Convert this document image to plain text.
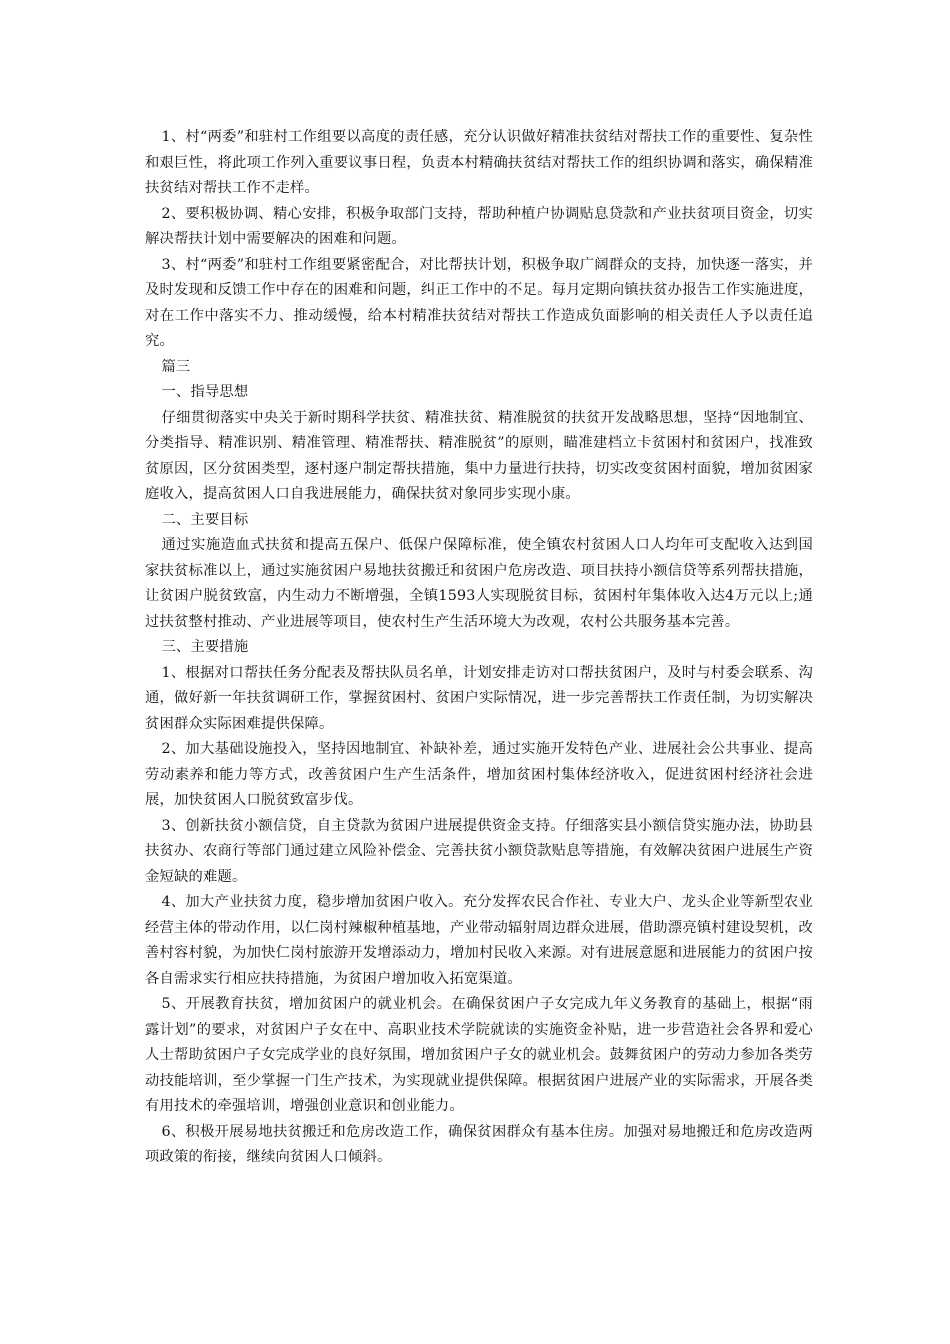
1、村“两委”和驻村工作组要以高度的责任感，充分认识做好精准扶贫结对帮扶工作的重要性、复杂性和艰巨性，将此项工作列入重要议事日程，负责本村精确扶贫结对帮扶工作的组织协调和落实，确保精准扶贫结对帮扶工作不走样。

2、要积极协调、精心安排，积极争取部门支持，帮助种植户协调贴息贷款和产业扶贫项目资金，切实解决帮扶计划中需要解决的困难和问题。

3、村“两委”和驻村工作组要紧密配合，对比帮扶计划，积极争取广阔群众的支持，加快逐一落实，并及时发现和反馈工作中存在的困难和问题，纠正工作中的不足。每月定期向镇扶贫办报告工作实施进度，对在工作中落实不力、推动缓慢，给本村精准扶贫结对帮扶工作造成负面影响的相关责任人予以责任追究。

篇三

一、指导思想

仔细贯彻落实中央关于新时期科学扶贫、精准扶贫、精准脱贫的扶贫开发战略思想，坚持“因地制宜、分类指导、精准识别、精准管理、精准帮扶、精准脱贫”的原则，瞄准建档立卡贫困村和贫困户，找准致贫原因，区分贫困类型，逐村逐户制定帮扶措施，集中力量进行扶持，切实改变贫困村面貌，增加贫困家庭收入，提高贫困人口自我进展能力，确保扶贫对象同步实现小康。

二、主要目标

通过实施造血式扶贫和提高五保户、低保户保障标准，使全镇农村贫困人口人均年可支配收入达到国家扶贫标准以上，通过实施贫困户易地扶贫搬迁和贫困户危房改造、项目扶持小额信贷等系列帮扶措施，让贫困户脱贫致富，内生动力不断增强，全镇1593人实现脱贫目标，贫困村年集体收入达4万元以上;通过扶贫整村推动、产业进展等项目，使农村生产生活环境大为改观，农村公共服务基本完善。

三、主要措施

1、根据对口帮扶任务分配表及帮扶队员名单，计划安排走访对口帮扶贫困户，及时与村委会联系、沟通，做好新一年扶贫调研工作，掌握贫困村、贫困户实际情况，进一步完善帮扶工作责任制，为切实解决贫困群众实际困难提供保障。

2、加大基础设施投入，坚持因地制宜、补缺补差，通过实施开发特色产业、进展社会公共事业、提高劳动素养和能力等方式，改善贫困户生产生活条件，增加贫困村集体经济收入，促进贫困村经济社会进展，加快贫困人口脱贫致富步伐。

3、创新扶贫小额信贷，自主贷款为贫困户进展提供资金支持。仔细落实县小额信贷实施办法，协助县扶贫办、农商行等部门通过建立风险补偿金、完善扶贫小额贷款贴息等措施，有效解决贫困户进展生产资金短缺的难题。

4、加大产业扶贫力度，稳步增加贫困户收入。充分发挥农民合作社、专业大户、龙头企业等新型农业经营主体的带动作用，以仁岗村辣椒种植基地，产业带动辐射周边群众进展，借助漂亮镇村建设契机，改善村容村貌，为加快仁岗村旅游开发增添动力，增加村民收入来源。对有进展意愿和进展能力的贫困户按各自需求实行相应扶持措施，为贫困户增加收入拓宽渠道。

5、开展教育扶贫，增加贫困户的就业机会。在确保贫困户子女完成九年义务教育的基础上，根据“雨露计划”的要求，对贫困户子女在中、高职业技术学院就读的实施资金补贴，进一步营造社会各界和爱心人士帮助贫困户子女完成学业的良好氛围，增加贫困户子女的就业机会。鼓舞贫困户的劳动力参加各类劳动技能培训，至少掌握一门生产技术，为实现就业提供保障。根据贫困户进展产业的实际需求，开展各类有用技术的牵强培训，增强创业意识和创业能力。

6、积极开展易地扶贫搬迁和危房改造工作，确保贫困群众有基本住房。加强对易地搬迁和危房改造两项政策的衔接，继续向贫困人口倾斜。
